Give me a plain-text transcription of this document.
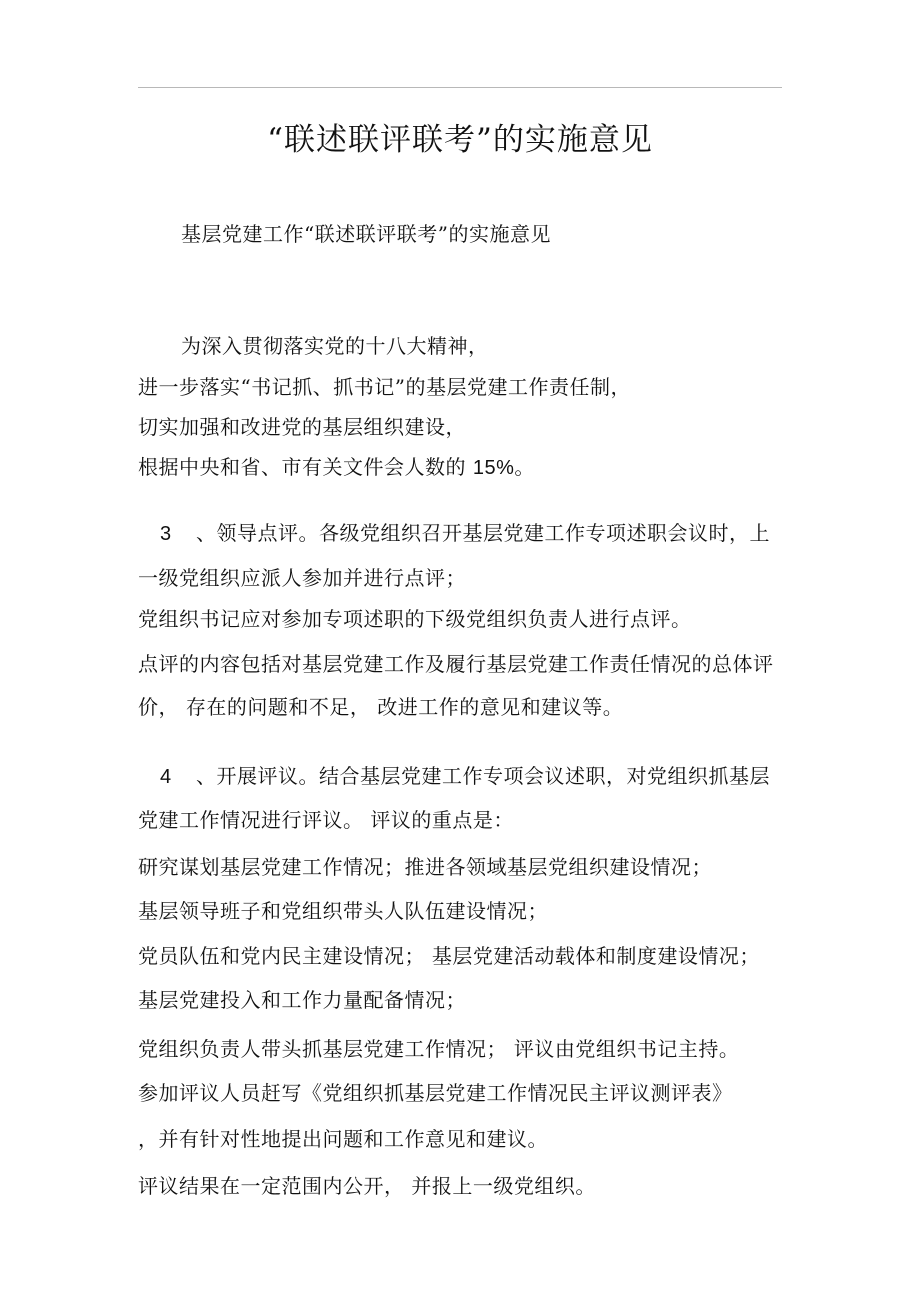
“联述联评联考”的实施意见
基层党建工作“联述联评联考”的实施意见
为深入贯彻落实党的十八大精神，
进一步落实“书记抓、抓书记”的基层党建工作责任制，
切实加强和改进党的基层组织建设，
根据中央和省、市有关文件会人数的 15%。
3 、领导点评。各级党组织召开基层党建工作专项述职会议时，上
一级党组织应派人参加并进行点评；
党组织书记应对参加专项述职的下级党组织负责人进行点评。
点评的内容包括对基层党建工作及履行基层党建工作责任情况的总体评
价， 存在的问题和不足， 改进工作的意见和建议等。
4 、开展评议。结合基层党建工作专项会议述职，对党组织抓基层
党建工作情况进行评议。 评议的重点是：
研究谋划基层党建工作情况；推进各领域基层党组织建设情况；
基层领导班子和党组织带头人队伍建设情况；
党员队伍和党内民主建设情况； 基层党建活动载体和制度建设情况；
基层党建投入和工作力量配备情况；
党组织负责人带头抓基层党建工作情况； 评议由党组织书记主持。
参加评议人员赶写《党组织抓基层党建工作情况民主评议测评表》
，并有针对性地提出问题和工作意见和建议。
评议结果在一定范围内公开， 并报上一级党组织。
